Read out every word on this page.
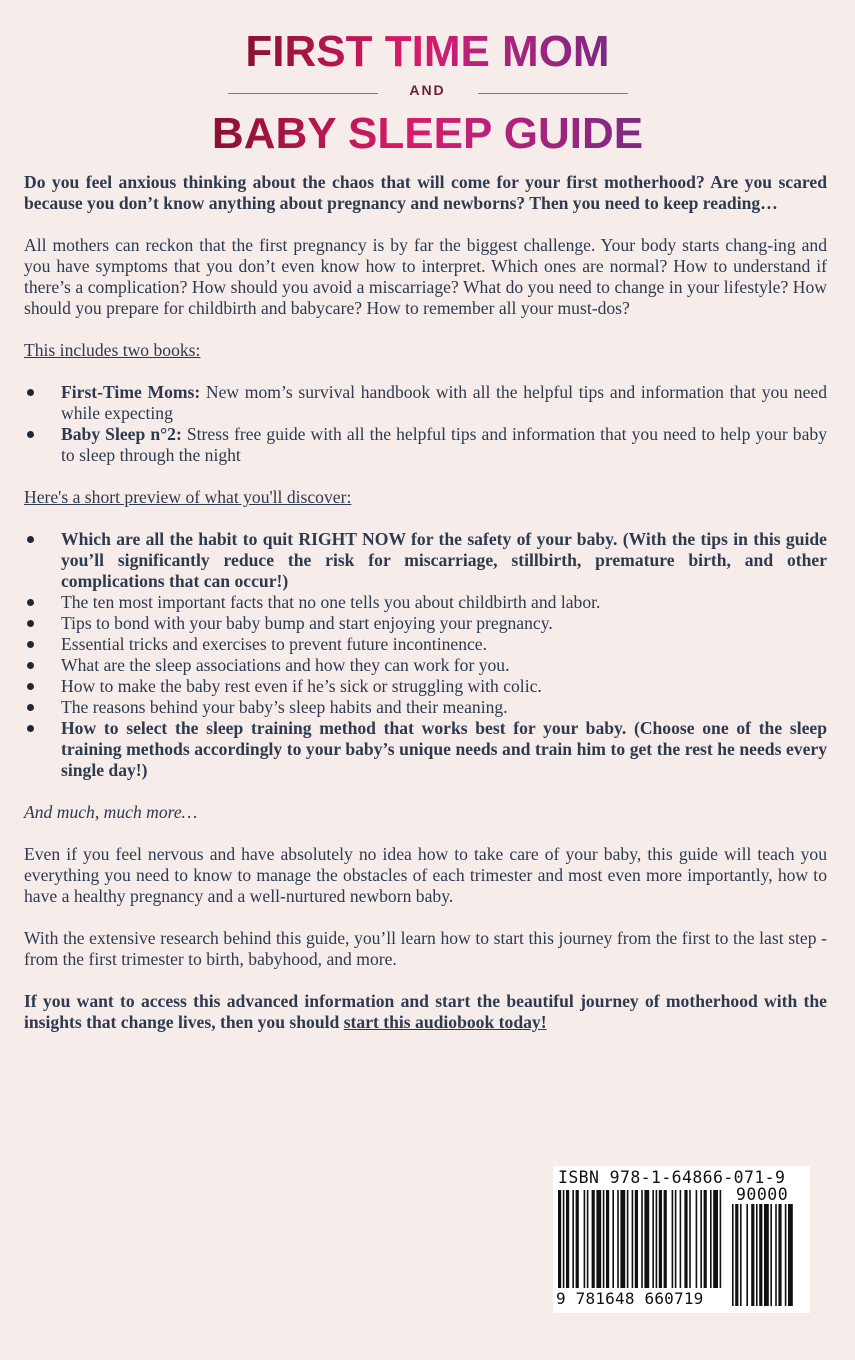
FIRST TIME MOM
AND
BABY SLEEP GUIDE

Do you feel anxious thinking about the chaos that will come for your first motherhood? Are you scared because you don’t know anything about pregnancy and newborns? Then you need to keep reading…

All mothers can reckon that the first pregnancy is by far the biggest challenge. Your body starts chang-ing and you have symptoms that you don’t even know how to interpret. Which ones are normal? How to understand if there’s a complication? How should you avoid a miscarriage? What do you need to change in your lifestyle? How should you prepare for childbirth and babycare? How to remember all your must-dos?

This includes two books:

First-Time Moms: New mom’s survival handbook with all the helpful tips and information that you need while expecting
Baby Sleep n°2: Stress free guide with all the helpful tips and information that you need to help your baby to sleep through the night

Here's a short preview of what you'll discover:

Which are all the habit to quit RIGHT NOW for the safety of your baby. (With the tips in this guide you’ll significantly reduce the risk for miscarriage, stillbirth, premature birth, and other complications that can occur!)
The ten most important facts that no one tells you about childbirth and labor.
Tips to bond with your baby bump and start enjoying your pregnancy.
Essential tricks and exercises to prevent future incontinence.
What are the sleep associations and how they can work for you.
How to make the baby rest even if he’s sick or struggling with colic.
The reasons behind your baby’s sleep habits and their meaning.
How to select the sleep training method that works best for your baby. (Choose one of the sleep training methods accordingly to your baby’s unique needs and train him to get the rest he needs every single day!)

And much, much more…

Even if you feel nervous and have absolutely no idea how to take care of your baby, this guide will teach you everything you need to know to manage the obstacles of each trimester and most even more importantly, how to have a healthy pregnancy and a well-nurtured newborn baby.

With the extensive research behind this guide, you’ll learn how to start this journey from the first to the last step - from the first trimester to birth, babyhood, and more.

If you want to access this advanced information and start the beautiful journey of motherhood with the insights that change lives, then you should start this audiobook today!

ISBN 978-1-64866-071-9
90000
9 781648 660719
